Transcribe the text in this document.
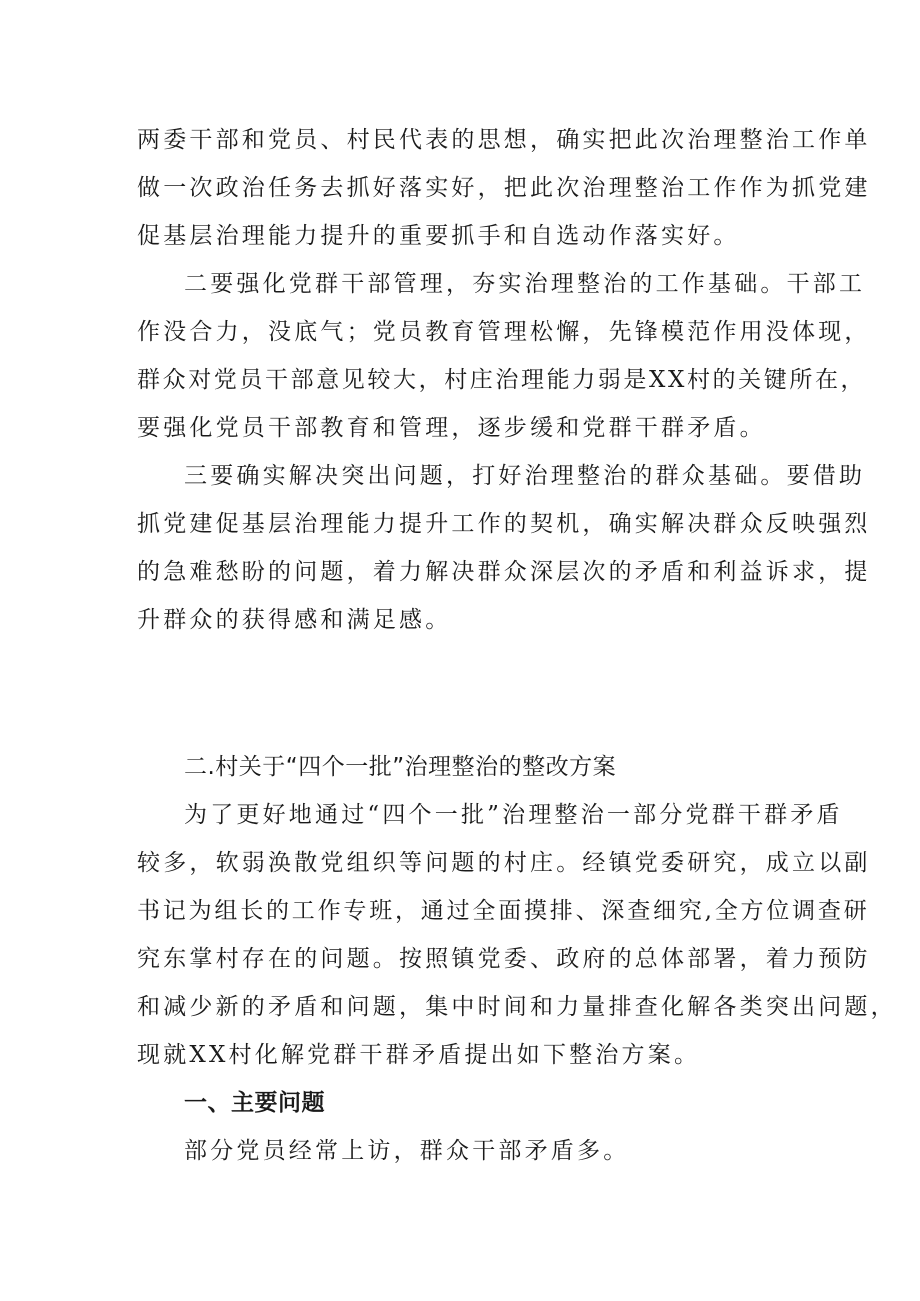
两委干部和党员、村民代表的思想，确实把此次治理整治工作单
做一次政治任务去抓好落实好，把此次治理整治工作作为抓党建
促基层治理能力提升的重要抓手和自选动作落实好。
二要强化党群干部管理，夯实治理整治的工作基础。干部工
作没合力，没底气；党员教育管理松懈，先锋模范作用没体现，
群众对党员干部意见较大，村庄治理能力弱是XX村的关键所在，
要强化党员干部教育和管理，逐步缓和党群干群矛盾。
三要确实解决突出问题，打好治理整治的群众基础。要借助
抓党建促基层治理能力提升工作的契机，确实解决群众反映强烈
的急难愁盼的问题，着力解决群众深层次的矛盾和利益诉求，提
升群众的获得感和满足感。
二.村关于“四个一批”治理整治的整改方案
为了更好地通过“四个一批”治理整治一部分党群干群矛盾
较多，软弱涣散党组织等问题的村庄。经镇党委研究，成立以副
书记为组长的工作专班，通过全面摸排、深查细究,全方位调查研
究东掌村存在的问题。按照镇党委、政府的总体部署，着力预防
和减少新的矛盾和问题，集中时间和力量排查化解各类突出问题，
现就XX村化解党群干群矛盾提出如下整治方案。
一、主要问题
部分党员经常上访，群众干部矛盾多。
